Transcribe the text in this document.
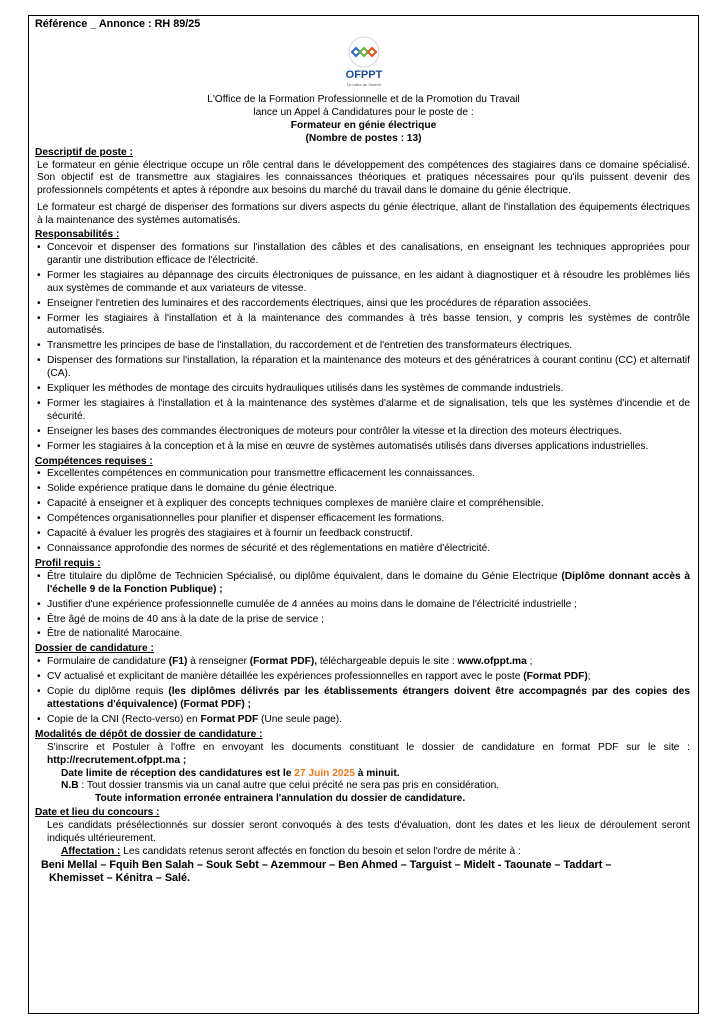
Référence _ Annonce : RH 89/25
OFPPT
Le cœur de l'avenir
L'Office de la Formation Professionnelle et de la Promotion du Travail
lance un Appel à Candidatures pour le poste de :
Formateur en génie électrique
(Nombre de postes : 13)
Descriptif de poste :
Le formateur en génie électrique occupe un rôle central dans le développement des compétences des stagiaires dans ce domaine spécialisé. Son objectif est de transmettre aux stagiaires les connaissances théoriques et pratiques nécessaires pour qu'ils puissent devenir des professionnels compétents et aptes à répondre aux besoins du marché du travail dans le domaine du génie électrique.
Le formateur est chargé de dispenser des formations sur divers aspects du génie électrique, allant de l'installation des équipements électriques à la maintenance des systèmes automatisés.
Responsabilités :
• Concevoir et dispenser des formations sur l'installation des câbles et des canalisations, en enseignant les techniques appropriées pour garantir une distribution efficace de l'électricité.
• Former les stagiaires au dépannage des circuits électroniques de puissance, en les aidant à diagnostiquer et à résoudre les problèmes liés aux systèmes de commande et aux variateurs de vitesse.
• Enseigner l'entretien des luminaires et des raccordements électriques, ainsi que les procédures de réparation associées.
• Former les stagiaires à l'installation et à la maintenance des commandes à très basse tension, y compris les systèmes de contrôle automatisés.
• Transmettre les principes de base de l'installation, du raccordement et de l'entretien des transformateurs électriques.
• Dispenser des formations sur l'installation, la réparation et la maintenance des moteurs et des génératrices à courant continu (CC) et alternatif (CA).
• Expliquer les méthodes de montage des circuits hydrauliques utilisés dans les systèmes de commande industriels.
• Former les stagiaires à l'installation et à la maintenance des systèmes d'alarme et de signalisation, tels que les systèmes d'incendie et de sécurité.
• Enseigner les bases des commandes électroniques de moteurs pour contrôler la vitesse et la direction des moteurs électriques.
• Former les stagiaires à la conception et à la mise en œuvre de systèmes automatisés utilisés dans diverses applications industrielles.
Compétences requises :
• Excellentes compétences en communication pour transmettre efficacement les connaissances.
• Solide expérience pratique dans le domaine du génie électrique.
• Capacité à enseigner et à expliquer des concepts techniques complexes de manière claire et compréhensible.
• Compétences organisationnelles pour planifier et dispenser efficacement les formations.
• Capacité à évaluer les progrès des stagiaires et à fournir un feedback constructif.
• Connaissance approfondie des normes de sécurité et des réglementations en matière d'électricité.
Profil requis :
• Être titulaire du diplôme de Technicien Spécialisé, ou diplôme équivalent, dans le domaine du Génie Electrique (Diplôme donnant accès à l'échelle 9 de la Fonction Publique) ;
• Justifier d'une expérience professionnelle cumulée de 4 années au moins dans le domaine de l'électricité industrielle ;
• Être âgé de moins de 40 ans à la date de la prise de service ;
• Être de nationalité Marocaine.
Dossier de candidature :
• Formulaire de candidature (F1) à renseigner (Format PDF), téléchargeable depuis le site : www.ofppt.ma ;
• CV actualisé et explicitant de manière détaillée les expériences professionnelles en rapport avec le poste (Format PDF);
• Copie du diplôme requis (les diplômes délivrés par les établissements étrangers doivent être accompagnés par des copies des attestations d'équivalence) (Format PDF) ;
• Copie de la CNI (Recto-verso) en Format PDF (Une seule page).
Modalités de dépôt de dossier de candidature :
S'inscrire et Postuler à l'offre en envoyant les documents constituant le dossier de candidature en format PDF sur le site : http://recrutement.ofppt.ma ;
Date limite de réception des candidatures est le 27 Juin 2025 à minuit.
N.B : Tout dossier transmis via un canal autre que celui précité ne sera pas pris en considération.
Toute information erronée entrainera l'annulation du dossier de candidature.
Date et lieu du concours :
Les candidats présélectionnés sur dossier seront convoqués à des tests d'évaluation, dont les dates et les lieux de déroulement seront indiqués ultérieurement.
Affectation : Les candidats retenus seront affectés en fonction du besoin et selon l'ordre de mérite à :
Beni Mellal – Fquih Ben Salah – Souk Sebt – Azemmour – Ben Ahmed – Targuist – Midelt - Taounate – Taddart –
Khemisset – Kénitra – Salé.
